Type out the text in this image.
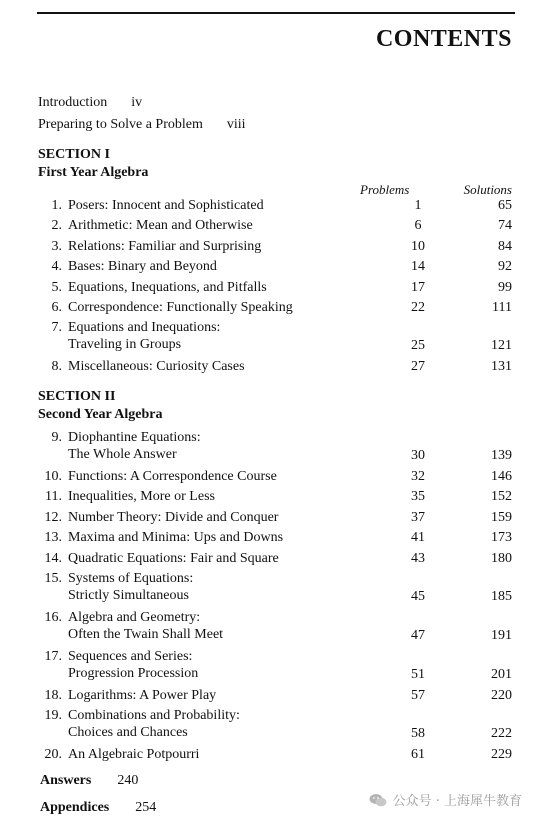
CONTENTS
Introduction iv
Preparing to Solve a Problem viii
SECTION I
First Year Algebra
Problems	Solutions
1. Posers: Innocent and Sophisticated	1	65
2. Arithmetic: Mean and Otherwise	6	74
3. Relations: Familiar and Surprising	10	84
4. Bases: Binary and Beyond	14	92
5. Equations, Inequations, and Pitfalls	17	99
6. Correspondence: Functionally Speaking	22	111
7. Equations and Inequations:
Traveling in Groups	25	121
8. Miscellaneous: Curiosity Cases	27	131
SECTION II
Second Year Algebra
9. Diophantine Equations:
The Whole Answer	30	139
10. Functions: A Correspondence Course	32	146
11. Inequalities, More or Less	35	152
12. Number Theory: Divide and Conquer	37	159
13. Maxima and Minima: Ups and Downs	41	173
14. Quadratic Equations: Fair and Square	43	180
15. Systems of Equations:
Strictly Simultaneous	45	185
16. Algebra and Geometry:
Often the Twain Shall Meet	47	191
17. Sequences and Series:
Progression Procession	51	201
18. Logarithms: A Power Play	57	220
19. Combinations and Probability:
Choices and Chances	58	222
20. An Algebraic Potpourri	61	229
Answers 240
Appendices 254	公众号 · 上海犀牛教育
